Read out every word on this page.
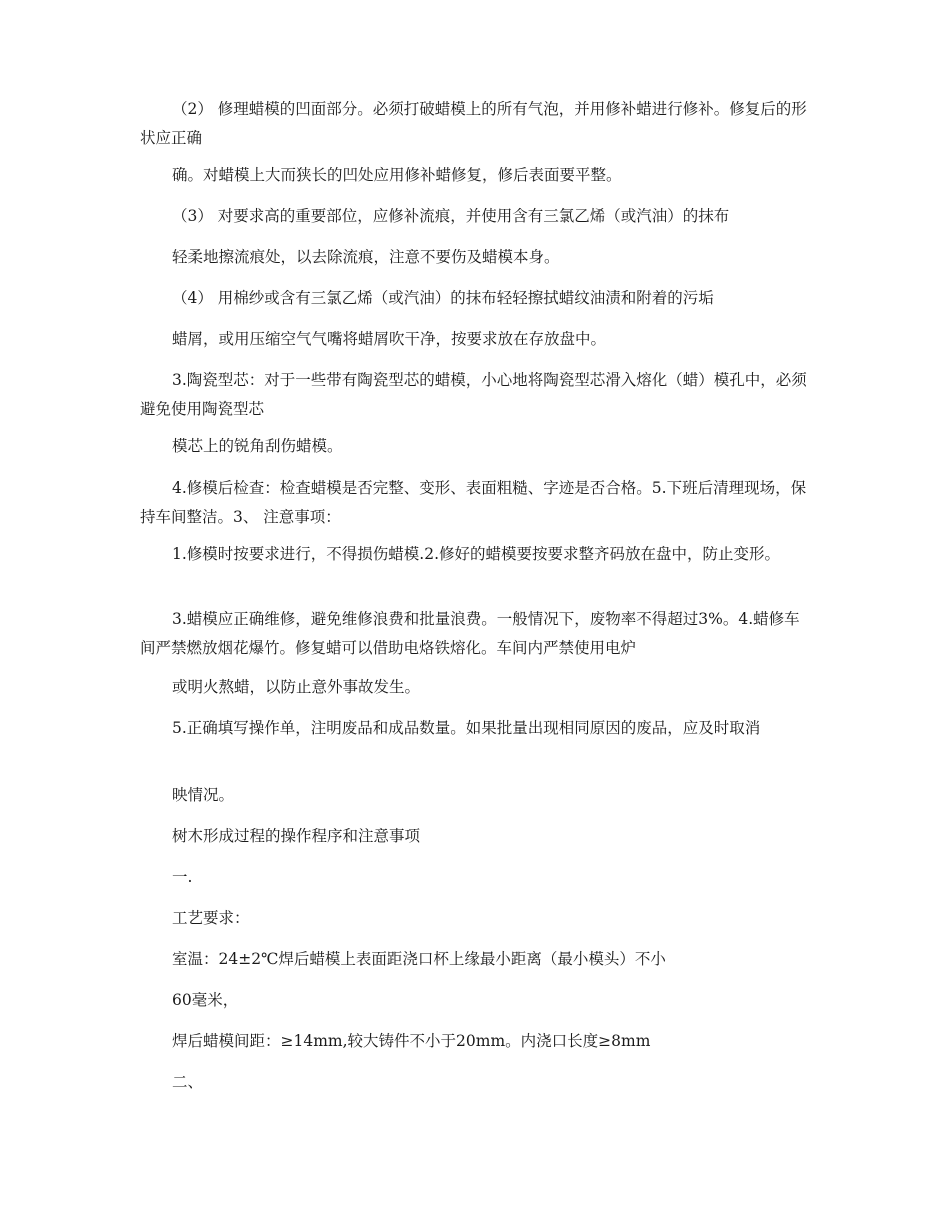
（2） 修理蜡模的凹面部分。必须打破蜡模上的所有气泡，并用修补蜡进行修补。修复后的形状应正确

确。对蜡模上大而狭长的凹处应用修补蜡修复，修后表面要平整。

（3） 对要求高的重要部位，应修补流痕，并使用含有三氯乙烯（或汽油）的抹布

轻柔地擦流痕处，以去除流痕，注意不要伤及蜡模本身。

（4） 用棉纱或含有三氯乙烯（或汽油）的抹布轻轻擦拭蜡纹油渍和附着的污垢

蜡屑，或用压缩空气气嘴将蜡屑吹干净，按要求放在存放盘中。

3.陶瓷型芯：对于一些带有陶瓷型芯的蜡模，小心地将陶瓷型芯滑入熔化（蜡）模孔中，必须避免使用陶瓷型芯

模芯上的锐角刮伤蜡模。

4.修模后检查：检查蜡模是否完整、变形、表面粗糙、字迹是否合格。5.下班后清理现场，保持车间整洁。3、 注意事项：

1.修模时按要求进行，不得损伤蜡模.2.修好的蜡模要按要求整齐码放在盘中，防止变形。

3.蜡模应正确维修，避免维修浪费和批量浪费。一般情况下，废物率不得超过3%。4.蜡修车间严禁燃放烟花爆竹。修复蜡可以借助电烙铁熔化。车间内严禁使用电炉

或明火熬蜡，以防止意外事故发生。

5.正确填写操作单，注明废品和成品数量。如果批量出现相同原因的废品，应及时取消

映情况。

树木形成过程的操作程序和注意事项

一.

工艺要求：

室温：24±2℃焊后蜡模上表面距浇口杯上缘最小距离（最小模头）不小

60毫米，

焊后蜡模间距：≥14mm,较大铸件不小于20mm。内浇口长度≥8mm

二、
